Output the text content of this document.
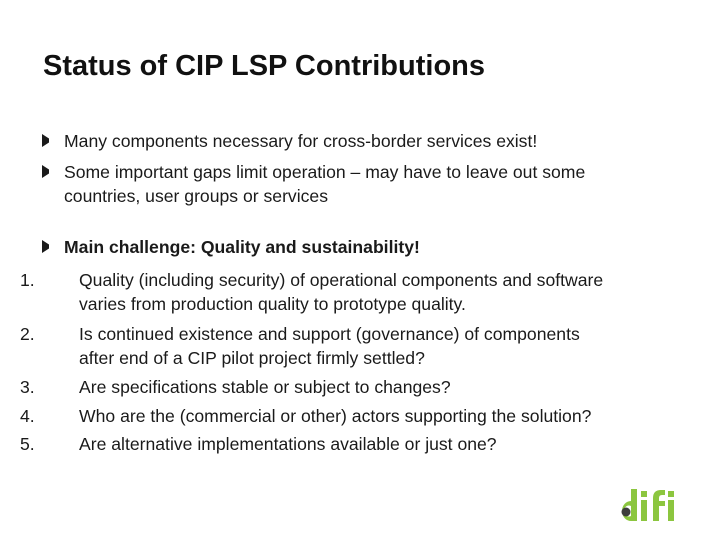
Status of CIP LSP Contributions
Many components necessary for cross-border services exist!
Some important gaps limit operation – may have to leave out some
countries, user groups or services
Main challenge: Quality and sustainability!
1.	Quality (including security) of operational components and software
varies from production quality to prototype quality.
2.	Is continued existence and support (governance) of components
after end of a CIP pilot project firmly settled?
3.	Are specifications stable or subject to changes?
4.	Who are the (commercial or other) actors supporting the solution?
5.	Are alternative implementations available or just one?
